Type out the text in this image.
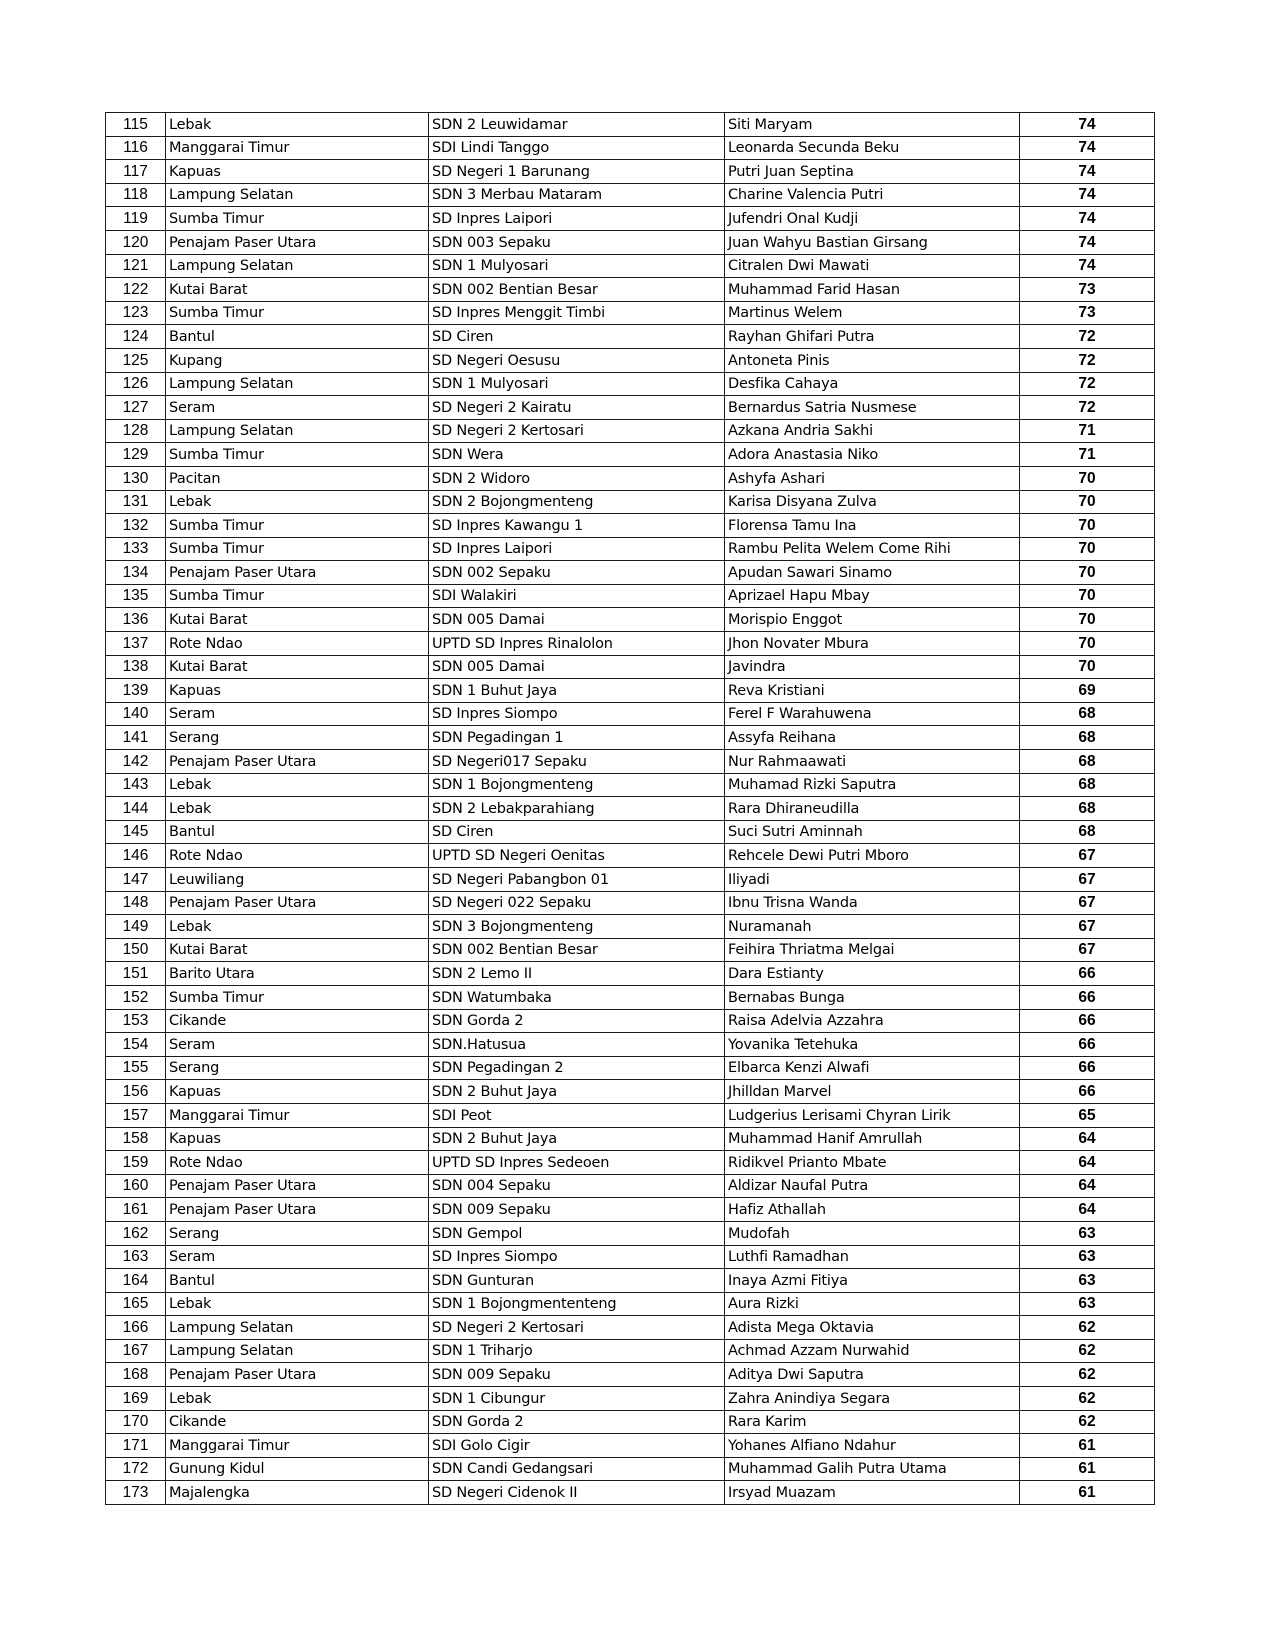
115	Lebak	SDN 2 Leuwidamar	Siti Maryam	74
116	Manggarai Timur	SDI Lindi Tanggo	Leonarda Secunda Beku	74
117	Kapuas	SD Negeri 1 Barunang	Putri Juan Septina	74
118	Lampung Selatan	SDN 3 Merbau Mataram	Charine Valencia Putri	74
119	Sumba Timur	SD Inpres Laipori	Jufendri Onal Kudji	74
120	Penajam Paser Utara	SDN 003 Sepaku	Juan Wahyu Bastian Girsang	74
121	Lampung Selatan	SDN 1 Mulyosari	Citralen Dwi Mawati	74
122	Kutai Barat	SDN 002 Bentian Besar	Muhammad Farid Hasan	73
123	Sumba Timur	SD Inpres Menggit Timbi	Martinus Welem	73
124	Bantul	SD Ciren	Rayhan Ghifari Putra	72
125	Kupang	SD Negeri Oesusu	Antoneta Pinis	72
126	Lampung Selatan	SDN 1 Mulyosari	Desfika Cahaya	72
127	Seram	SD Negeri 2 Kairatu	Bernardus Satria Nusmese	72
128	Lampung Selatan	SD Negeri 2 Kertosari	Azkana Andria Sakhi	71
129	Sumba Timur	SDN Wera	Adora Anastasia Niko	71
130	Pacitan	SDN 2 Widoro	Ashyfa Ashari	70
131	Lebak	SDN 2 Bojongmenteng	Karisa Disyana Zulva	70
132	Sumba Timur	SD Inpres Kawangu 1	Florensa Tamu Ina	70
133	Sumba Timur	SD Inpres Laipori	Rambu Pelita Welem Come Rihi	70
134	Penajam Paser Utara	SDN 002 Sepaku	Apudan Sawari Sinamo	70
135	Sumba Timur	SDI Walakiri	Aprizael Hapu Mbay	70
136	Kutai Barat	SDN 005 Damai	Morispio Enggot	70
137	Rote Ndao	UPTD SD Inpres Rinalolon	Jhon Novater Mbura	70
138	Kutai Barat	SDN 005 Damai	Javindra	70
139	Kapuas	SDN 1 Buhut Jaya	Reva Kristiani	69
140	Seram	SD Inpres Siompo	Ferel F Warahuwena	68
141	Serang	SDN Pegadingan 1	Assyfa Reihana	68
142	Penajam Paser Utara	SD Negeri017 Sepaku	Nur Rahmaawati	68
143	Lebak	SDN 1 Bojongmenteng	Muhamad Rizki Saputra	68
144	Lebak	SDN 2 Lebakparahiang	Rara Dhiraneudilla	68
145	Bantul	SD Ciren	Suci Sutri Aminnah	68
146	Rote Ndao	UPTD SD Negeri Oenitas	Rehcele Dewi Putri Mboro	67
147	Leuwiliang	SD Negeri Pabangbon 01	Iliyadi	67
148	Penajam Paser Utara	SD Negeri 022 Sepaku	Ibnu Trisna Wanda	67
149	Lebak	SDN 3 Bojongmenteng	Nuramanah	67
150	Kutai Barat	SDN 002 Bentian Besar	Feihira Thriatma Melgai	67
151	Barito Utara	SDN 2 Lemo II	Dara Estianty	66
152	Sumba Timur	SDN Watumbaka	Bernabas Bunga	66
153	Cikande	SDN Gorda 2	Raisa Adelvia Azzahra	66
154	Seram	SDN.Hatusua	Yovanika Tetehuka	66
155	Serang	SDN Pegadingan 2	Elbarca Kenzi Alwafi	66
156	Kapuas	SDN 2 Buhut Jaya	Jhilldan Marvel	66
157	Manggarai Timur	SDI Peot	Ludgerius Lerisami Chyran Lirik	65
158	Kapuas	SDN 2 Buhut Jaya	Muhammad Hanif Amrullah	64
159	Rote Ndao	UPTD SD Inpres Sedeoen	Ridikvel Prianto Mbate	64
160	Penajam Paser Utara	SDN 004 Sepaku	Aldizar Naufal Putra	64
161	Penajam Paser Utara	SDN 009 Sepaku	Hafiz Athallah	64
162	Serang	SDN Gempol	Mudofah	63
163	Seram	SD Inpres Siompo	Luthfi Ramadhan	63
164	Bantul	SDN Gunturan	Inaya Azmi Fitiya	63
165	Lebak	SDN 1 Bojongmententeng	Aura Rizki	63
166	Lampung Selatan	SD Negeri 2 Kertosari	Adista Mega Oktavia	62
167	Lampung Selatan	SDN 1 Triharjo	Achmad Azzam Nurwahid	62
168	Penajam Paser Utara	SDN 009 Sepaku	Aditya Dwi Saputra	62
169	Lebak	SDN 1 Cibungur	Zahra Anindiya Segara	62
170	Cikande	SDN Gorda 2	Rara Karim	62
171	Manggarai Timur	SDI Golo Cigir	Yohanes Alfiano Ndahur	61
172	Gunung Kidul	SDN Candi Gedangsari	Muhammad Galih Putra Utama	61
173	Majalengka	SD Negeri Cidenok II	Irsyad Muazam	61
